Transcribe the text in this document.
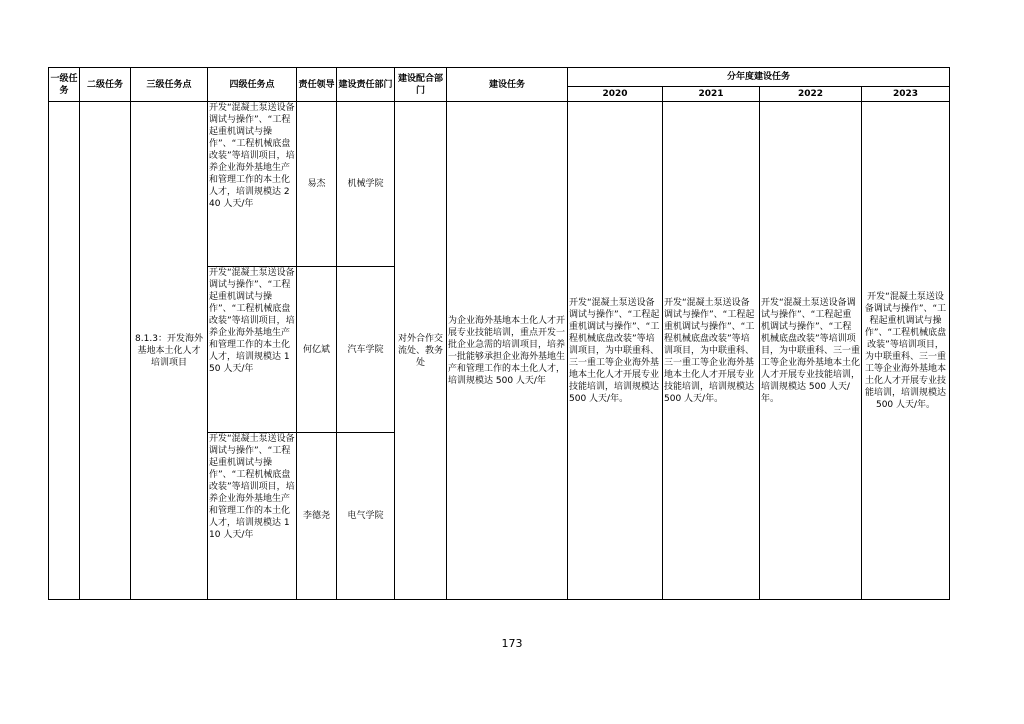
一级任务	二级任务	三级任务点	四级任务点	责任领导	建设责任部门	建设配合部门	建设任务	分年度建设任务			
								2020	2021	2022	2023
		8.1.3：开发海外基地本土化人才培训项目	开发“混凝土泵送设备调试与操作”、“工程起重机调试与操作”、“工程机械底盘改装”等培训项目，培养企业海外基地生产和管理工作的本土化人才，培训规模达 240 人天/年	易杰	机械学院	对外合作交流处、教务处	为企业海外基地本土化人才开展专业技能培训，重点开发一批企业急需的培训项目，培养一批能够承担企业海外基地生产和管理工作的本土化人才，培训规模达 500 人天/年	开发“混凝土泵送设备调试与操作”、“工程起重机调试与操作”、“工程机械底盘改装”等培训项目，为中联重科、三一重工等企业海外基地本土化人才开展专业技能培训，培训规模达 500 人天/年。	开发“混凝土泵送设备调试与操作”、“工程起重机调试与操作”、“工程机械底盘改装”等培训项目，为中联重科、三一重工等企业海外基地本土化人才开展专业技能培训，培训规模达 500 人天/年。	开发“混凝土泵送设备调试与操作”、“工程起重机调试与操作”、“工程机械底盘改装”等培训项目，为中联重科、三一重工等企业海外基地本土化人才开展专业技能培训，培训规模达 500 人天/年。	开发“混凝土泵送设备调试与操作”、“工程起重机调试与操作”、“工程机械底盘改装”等培训项目，为中联重科、三一重工等企业海外基地本土化人才开展专业技能培训，培训规模达 500 人天/年。
			开发“混凝土泵送设备调试与操作”、“工程起重机调试与操作”、“工程机械底盘改装”等培训项目，培养企业海外基地生产和管理工作的本土化人才，培训规模达 150 人天/年	何亿斌	汽车学院						
			开发“混凝土泵送设备调试与操作”、“工程起重机调试与操作”、“工程机械底盘改装”等培训项目，培养企业海外基地生产和管理工作的本土化人才，培训规模达 110 人天/年	李德尧	电气学院						
173
